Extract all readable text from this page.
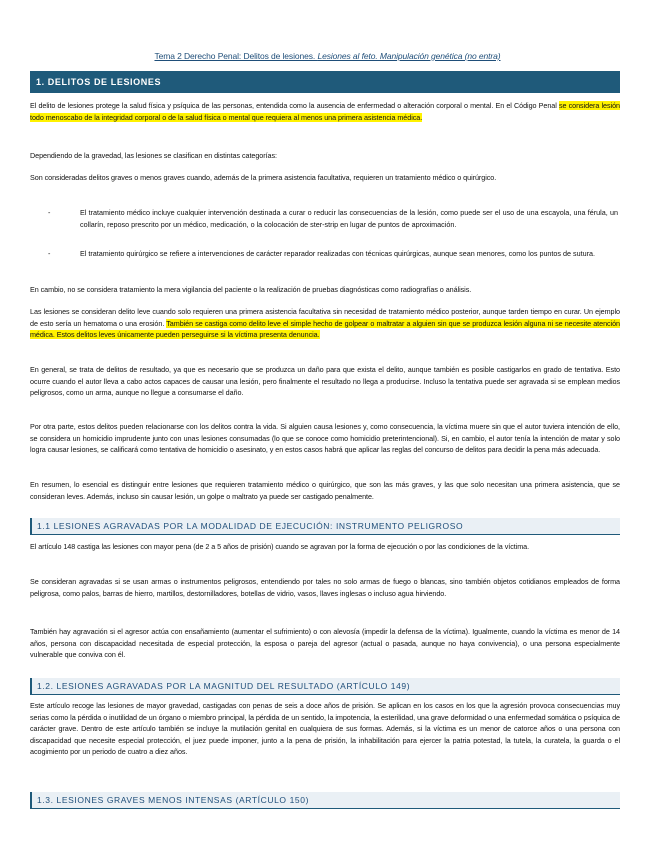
Tema 2 Derecho Penal: Delitos de lesiones. Lesiones al feto. Manipulación genética (no entra)
1. DELITOS DE LESIONES
El delito de lesiones protege la salud física y psíquica de las personas, entendida como la ausencia de enfermedad o alteración corporal o mental. En el Código Penal se considera lesión todo menoscabo de la integridad corporal o de la salud física o mental que requiera al menos una primera asistencia médica.
Dependiendo de la gravedad, las lesiones se clasifican en distintas categorías:
Son consideradas delitos graves o menos graves cuando, además de la primera asistencia facultativa, requieren un tratamiento médico o quirúrgico.
-	El tratamiento médico incluye cualquier intervención destinada a curar o reducir las consecuencias de la lesión, como puede ser el uso de una escayola, una férula, un collarín, reposo prescrito por un médico, medicación, o la colocación de ster-strip en lugar de puntos de aproximación.
-	El tratamiento quirúrgico se refiere a intervenciones de carácter reparador realizadas con técnicas quirúrgicas, aunque sean menores, como los puntos de sutura.
En cambio, no se considera tratamiento la mera vigilancia del paciente o la realización de pruebas diagnósticas como radiografías o análisis.
Las lesiones se consideran delito leve cuando solo requieren una primera asistencia facultativa sin necesidad de tratamiento médico posterior, aunque tarden tiempo en curar. Un ejemplo de esto sería un hematoma o una erosión. También se castiga como delito leve el simple hecho de golpear o maltratar a alguien sin que se produzca lesión alguna ni se necesite atención médica. Estos delitos leves únicamente pueden perseguirse si la víctima presenta denuncia.
En general, se trata de delitos de resultado, ya que es necesario que se produzca un daño para que exista el delito, aunque también es posible castigarlos en grado de tentativa. Esto ocurre cuando el autor lleva a cabo actos capaces de causar una lesión, pero finalmente el resultado no llega a producirse. Incluso la tentativa puede ser agravada si se emplean medios peligrosos, como un arma, aunque no llegue a consumarse el daño.
Por otra parte, estos delitos pueden relacionarse con los delitos contra la vida. Si alguien causa lesiones y, como consecuencia, la víctima muere sin que el autor tuviera intención de ello, se considera un homicidio imprudente junto con unas lesiones consumadas (lo que se conoce como homicidio preterintencional). Si, en cambio, el autor tenía la intención de matar y solo logra causar lesiones, se calificará como tentativa de homicidio o asesinato, y en estos casos habrá que aplicar las reglas del concurso de delitos para decidir la pena más adecuada.
En resumen, lo esencial es distinguir entre lesiones que requieren tratamiento médico o quirúrgico, que son las más graves, y las que solo necesitan una primera asistencia, que se consideran leves. Además, incluso sin causar lesión, un golpe o maltrato ya puede ser castigado penalmente.
1.1 LESIONES AGRAVADAS POR LA MODALIDAD DE EJECUCIÓN: INSTRUMENTO PELIGROSO
El artículo 148 castiga las lesiones con mayor pena (de 2 a 5 años de prisión) cuando se agravan por la forma de ejecución o por las condiciones de la víctima.
Se consideran agravadas si se usan armas o instrumentos peligrosos, entendiendo por tales no solo armas de fuego o blancas, sino también objetos cotidianos empleados de forma peligrosa, como palos, barras de hierro, martillos, destornilladores, botellas de vidrio, vasos, llaves inglesas o incluso agua hirviendo.
También hay agravación si el agresor actúa con ensañamiento (aumentar el sufrimiento) o con alevosía (impedir la defensa de la víctima). Igualmente, cuando la víctima es menor de 14 años, persona con discapacidad necesitada de especial protección, la esposa o pareja del agresor (actual o pasada, aunque no haya convivencia), o una persona especialmente vulnerable que conviva con él.
1.2. LESIONES AGRAVADAS POR LA MAGNITUD DEL RESULTADO (ARTÍCULO 149)
Este artículo recoge las lesiones de mayor gravedad, castigadas con penas de seis a doce años de prisión. Se aplican en los casos en los que la agresión provoca consecuencias muy serias como la pérdida o inutilidad de un órgano o miembro principal, la pérdida de un sentido, la impotencia, la esterilidad, una grave deformidad o una enfermedad somática o psíquica de carácter grave. Dentro de este artículo también se incluye la mutilación genital en cualquiera de sus formas. Además, si la víctima es un menor de catorce años o una persona con discapacidad que necesite especial protección, el juez puede imponer, junto a la pena de prisión, la inhabilitación para ejercer la patria potestad, la tutela, la curatela, la guarda o el acogimiento por un periodo de cuatro a diez años.
1.3. LESIONES GRAVES MENOS INTENSAS (ARTÍCULO 150)
